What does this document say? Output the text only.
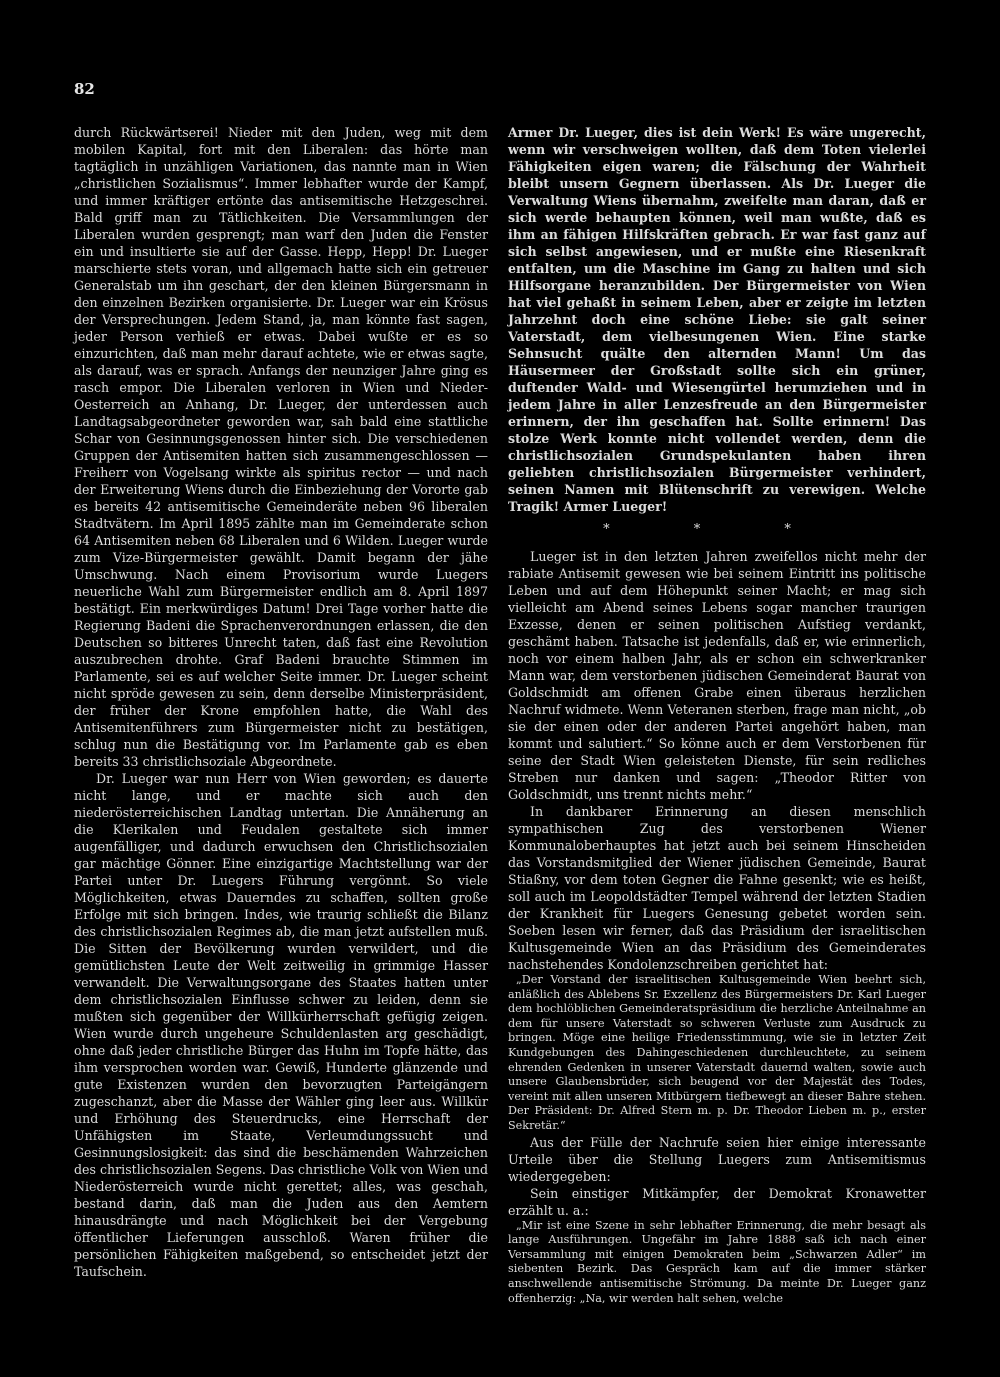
82

durch Rückwärtserei! Nieder mit den Juden, weg mit dem mobilen Kapital, fort mit den Liberalen: das hörte man tagtäglich in unzähligen Variationen, das nannte man in Wien „christlichen Sozialismus“. Immer lebhafter wurde der Kampf, und immer kräftiger ertönte das antisemitische Hetzgeschrei. Bald griff man zu Tätlichkeiten. Die Versammlungen der Liberalen wurden gesprengt; man warf den Juden die Fenster ein und insultierte sie auf der Gasse. Hepp, Hepp! Dr. Lueger marschierte stets voran, und allgemach hatte sich ein getreuer Generalstab um ihn geschart, der den kleinen Bürgersmann in den einzelnen Bezirken organisierte. Dr. Lueger war ein Krösus der Versprechungen. Jedem Stand, ja, man könnte fast sagen, jeder Person verhieß er etwas. Dabei wußte er es so einzurichten, daß man mehr darauf achtete, wie er etwas sagte, als darauf, was er sprach. Anfangs der neunziger Jahre ging es rasch empor. Die Liberalen verloren in Wien und Nieder-Oesterreich an Anhang, Dr. Lueger, der unterdessen auch Landtagsabgeordneter geworden war, sah bald eine stattliche Schar von Gesinnungsgenossen hinter sich. Die verschiedenen Gruppen der Antisemiten hatten sich zusammengeschlossen — Freiherr von Vogelsang wirkte als spiritus rector — und nach der Erweiterung Wiens durch die Einbeziehung der Vororte gab es bereits 42 antisemitische Gemeinderäte neben 96 liberalen Stadtvätern. Im April 1895 zählte man im Gemeinderate schon 64 Antisemiten neben 68 Liberalen und 6 Wilden. Lueger wurde zum Vize-Bürgermeister gewählt. Damit begann der jähe Umschwung. Nach einem Provisorium wurde Luegers neuerliche Wahl zum Bürgermeister endlich am 8. April 1897 bestätigt. Ein merkwürdiges Datum! Drei Tage vorher hatte die Regierung Badeni die Sprachenverordnungen erlassen, die den Deutschen so bitteres Unrecht taten, daß fast eine Revolution auszubrechen drohte. Graf Badeni brauchte Stimmen im Parlamente, sei es auf welcher Seite immer. Dr. Lueger scheint nicht spröde gewesen zu sein, denn derselbe Ministerpräsident, der früher der Krone empfohlen hatte, die Wahl des Antisemitenführers zum Bürgermeister nicht zu bestätigen, schlug nun die Bestätigung vor. Im Parlamente gab es eben bereits 33 christlichsoziale Abgeordnete.

Dr. Lueger war nun Herr von Wien geworden; es dauerte nicht lange, und er machte sich auch den niederösterreichischen Landtag untertan. Die Annäherung an die Klerikalen und Feudalen gestaltete sich immer augenfälliger, und dadurch erwuchsen den Christlichsozialen gar mächtige Gönner. Eine einzigartige Machtstellung war der Partei unter Dr. Luegers Führung vergönnt. So viele Möglichkeiten, etwas Dauerndes zu schaffen, sollten große Erfolge mit sich bringen. Indes, wie traurig schließt die Bilanz des christlichsozialen Regimes ab, die man jetzt aufstellen muß. Die Sitten der Bevölkerung wurden verwildert, und die gemütlichsten Leute der Welt zeitweilig in grimmige Hasser verwandelt. Die Verwaltungsorgane des Staates hatten unter dem christlichsozialen Einflusse schwer zu leiden, denn sie mußten sich gegenüber der Willkürherrschaft gefügig zeigen. Wien wurde durch ungeheure Schuldenlasten arg geschädigt, ohne daß jeder christliche Bürger das Huhn im Topfe hätte, das ihm versprochen worden war. Gewiß, Hunderte glänzende und gute Existenzen wurden den bevorzugten Parteigängern zugeschanzt, aber die Masse der Wähler ging leer aus. Willkür und Erhöhung des Steuerdrucks, eine Herrschaft der Unfähigsten im Staate, Verleumdungssucht und Gesinnungslosigkeit: das sind die beschämenden Wahrzeichen des christlichsozialen Segens. Das christliche Volk von Wien und Niederösterreich wurde nicht gerettet; alles, was geschah, bestand darin, daß man die Juden aus den Aemtern hinausdrängte und nach Möglichkeit bei der Vergebung öffentlicher Lieferungen ausschloß. Waren früher die persönlichen Fähigkeiten maßgebend, so entscheidet jetzt der Taufschein.

Armer Dr. Lueger, dies ist dein Werk! Es wäre ungerecht, wenn wir verschweigen wollten, daß dem Toten vielerlei Fähigkeiten eigen waren; die Fälschung der Wahrheit bleibt unsern Gegnern überlassen. Als Dr. Lueger die Verwaltung Wiens übernahm, zweifelte man daran, daß er sich werde behaupten können, weil man wußte, daß es ihm an fähigen Hilfskräften gebrach. Er war fast ganz auf sich selbst angewiesen, und er mußte eine Riesenkraft entfalten, um die Maschine im Gang zu halten und sich Hilfsorgane heranzubilden. Der Bürgermeister von Wien hat viel gehaßt in seinem Leben, aber er zeigte im letzten Jahrzehnt doch eine schöne Liebe: sie galt seiner Vaterstadt, dem vielbesungenen Wien. Eine starke Sehnsucht quälte den alternden Mann! Um das Häusermeer der Großstadt sollte sich ein grüner, duftender Wald- und Wiesengürtel herumziehen und in jedem Jahre in aller Lenzesfreude an den Bürgermeister erinnern, der ihn geschaffen hat. Sollte erinnern! Das stolze Werk konnte nicht vollendet werden, denn die christlichsozialen Grundspekulanten haben ihren geliebten christlichsozialen Bürgermeister verhindert, seinen Namen mit Blütenschrift zu verewigen. Welche Tragik! Armer Lueger!

* * *

Lueger ist in den letzten Jahren zweifellos nicht mehr der rabiate Antisemit gewesen wie bei seinem Eintritt ins politische Leben und auf dem Höhepunkt seiner Macht; er mag sich vielleicht am Abend seines Lebens sogar mancher traurigen Exzesse, denen er seinen politischen Aufstieg verdankt, geschämt haben. Tatsache ist jedenfalls, daß er, wie erinnerlich, noch vor einem halben Jahr, als er schon ein schwerkranker Mann war, dem verstorbenen jüdischen Gemeinderat Baurat von Goldschmidt am offenen Grabe einen überaus herzlichen Nachruf widmete. Wenn Veteranen sterben, frage man nicht, „ob sie der einen oder der anderen Partei angehört haben, man kommt und salutiert.“ So könne auch er dem Verstorbenen für seine der Stadt Wien geleisteten Dienste, für sein redliches Streben nur danken und sagen: „Theodor Ritter von Goldschmidt, uns trennt nichts mehr.“

In dankbarer Erinnerung an diesen menschlich sympathischen Zug des verstorbenen Wiener Kommunaloberhauptes hat jetzt auch bei seinem Hinscheiden das Vorstandsmitglied der Wiener jüdischen Gemeinde, Baurat Stiaßny, vor dem toten Gegner die Fahne gesenkt; wie es heißt, soll auch im Leopoldstädter Tempel während der letzten Stadien der Krankheit für Luegers Genesung gebetet worden sein. Soeben lesen wir ferner, daß das Präsidium der israelitischen Kultusgemeinde Wien an das Präsidium des Gemeinderates nachstehendes Kondolenzschreiben gerichtet hat:

„Der Vorstand der israelitischen Kultusgemeinde Wien beehrt sich, anläßlich des Ablebens Sr. Exzellenz des Bürgermeisters Dr. Karl Lueger dem hochlöblichen Gemeinderatspräsidium die herzliche Anteilnahme an dem für unsere Vaterstadt so schweren Verluste zum Ausdruck zu bringen. Möge eine heilige Friedensstimmung, wie sie in letzter Zeit Kundgebungen des Dahingeschiedenen durchleuchtete, zu seinem ehrenden Gedenken in unserer Vaterstadt dauernd walten, sowie auch unsere Glaubensbrüder, sich beugend vor der Majestät des Todes, vereint mit allen unseren Mitbürgern tiefbewegt an dieser Bahre stehen. Der Präsident: Dr. Alfred Stern m. p. Dr. Theodor Lieben m. p., erster Sekretär.“

Aus der Fülle der Nachrufe seien hier einige interessante Urteile über die Stellung Luegers zum Antisemitismus wiedergegeben:

Sein einstiger Mitkämpfer, der Demokrat Kronawetter erzählt u. a.:

„Mir ist eine Szene in sehr lebhafter Erinnerung, die mehr besagt als lange Ausführungen. Ungefähr im Jahre 1888 saß ich nach einer Versammlung mit einigen Demokraten beim „Schwarzen Adler“ im siebenten Bezirk. Das Gespräch kam auf die immer stärker anschwellende antisemitische Strömung. Da meinte Dr. Lueger ganz offenherzig: „Na, wir werden halt sehen, welche
